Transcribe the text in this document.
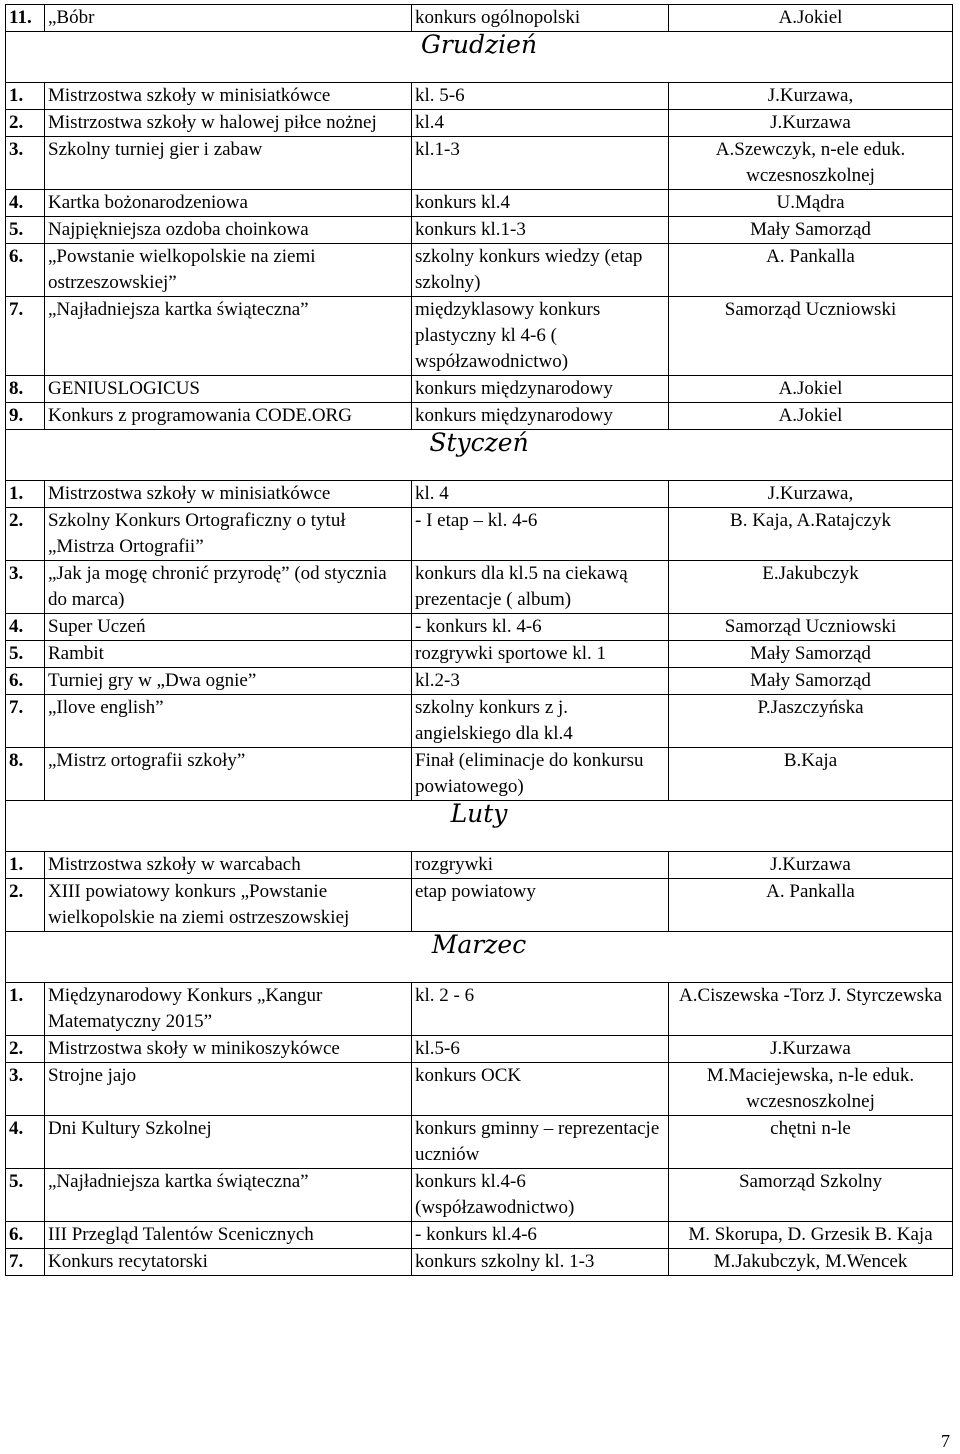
11.	„Bóbr	konkurs ogólnopolski	A.Jokiel
Grudzień			
1.	Mistrzostwa szkoły w minisiatkówce	kl. 5-6	J.Kurzawa,
2.	Mistrzostwa szkoły w halowej piłce nożnej	kl.4	J.Kurzawa
3.	Szkolny turniej gier i zabaw	kl.1-3	A.Szewczyk, n-ele eduk. wczesnoszkolnej
4.	Kartka bożonarodzeniowa	konkurs kl.4	U.Mądra
5.	Najpiękniejsza ozdoba choinkowa	konkurs kl.1-3	Mały Samorząd
6.	„Powstanie wielkopolskie na ziemi ostrzeszowskiej”	szkolny konkurs wiedzy (etap szkolny)	A. Pankalla
7.	„Najładniejsza kartka świąteczna”	międzyklasowy konkurs plastyczny kl 4-6 ( współzawodnictwo)	Samorząd Uczniowski
8.	GENIUSLOGICUS	konkurs międzynarodowy	A.Jokiel
9.	Konkurs z programowania CODE.ORG	konkurs międzynarodowy	A.Jokiel
Styczeń			
1.	Mistrzostwa szkoły w minisiatkówce	kl. 4	J.Kurzawa,
2.	Szkolny Konkurs Ortograficzny o tytuł „Mistrza Ortografii”	- I etap – kl. 4-6	B. Kaja, A.Ratajczyk
3.	„Jak ja mogę chronić przyrodę” (od stycznia do marca)	konkurs dla kl.5 na ciekawą prezentacje ( album)	E.Jakubczyk
4.	Super Uczeń	- konkurs kl. 4-6	Samorząd Uczniowski
5.	Rambit	rozgrywki sportowe kl. 1	Mały Samorząd
6.	Turniej gry w „Dwa ognie”	kl.2-3	Mały Samorząd
7.	„Ilove english”	szkolny konkurs z j. angielskiego dla kl.4	P.Jaszczyńska
8.	„Mistrz ortografii szkoły”	Finał (eliminacje do konkursu powiatowego)	B.Kaja
Luty			
1.	Mistrzostwa szkoły w warcabach	rozgrywki	J.Kurzawa
2.	XIII powiatowy konkurs „Powstanie wielkopolskie na ziemi ostrzeszowskiej	etap powiatowy	A. Pankalla
Marzec			
1.	Międzynarodowy Konkurs „Kangur Matematyczny 2015”	kl. 2 - 6	A.Ciszewska -Torz J. Styrczewska
2.	Mistrzostwa skoły w minikoszykówce	kl.5-6	J.Kurzawa
3.	Strojne jajo	konkurs OCK	M.Maciejewska, n-le eduk. wczesnoszkolnej
4.	Dni Kultury Szkolnej	konkurs gminny – reprezentacje uczniów	chętni n-le
5.	„Najładniejsza kartka świąteczna”	konkurs kl.4-6 (współzawodnictwo)	Samorząd Szkolny
6.	III Przegląd Talentów Scenicznych	- konkurs kl.4-6	M. Skorupa, D. Grzesik B. Kaja
7.	Konkurs recytatorski	konkurs szkolny kl. 1-3	M.Jakubczyk, M.Wencek
7
